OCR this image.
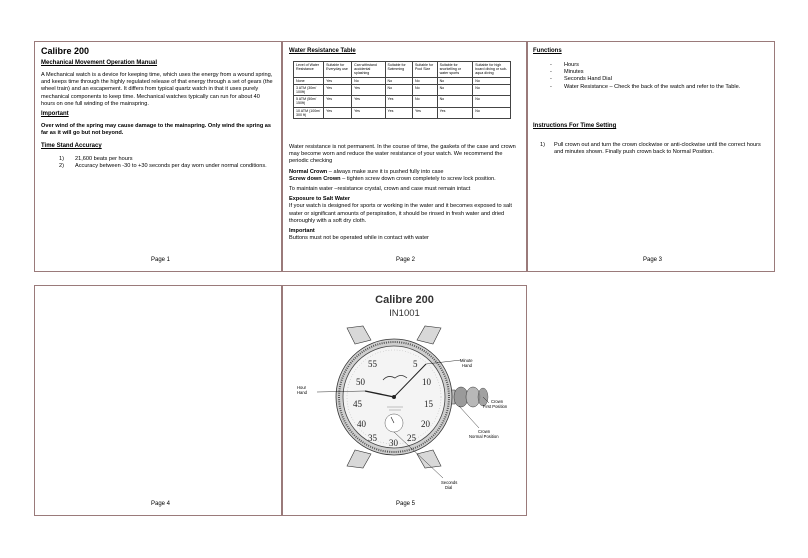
Calibre 200
Mechanical Movement Operation Manual
A Mechanical watch is a device for keeping time, which uses the energy from a wound spring, and keeps time through the highly regulated release of that energy through a set of gears (the wheel train) and an escapement. It differs from typical quartz watch in that it uses purely mechanical components to keep time. Mechanical watches typically can run for about 40 hours on one full winding of the mainspring.
Important
Over wind of the spring may cause damage to the mainspring. Only wind the spring as far as it will go but not beyond.
Time Stand Accuracy
1)	21,600 beats per hours
2)	Accuracy between -30 to +30 seconds per day worn under normal conditions.
Page 1
Water Resistance Table
Level of Water Resistance	Suitable for Everyday use	Can withstand accidental splashing	Suitable for Swimming	Suitable for Pool Size	Suitable for snorkelling or water sports	Suitable for high board diving or sub-aqua diving
None	Yes	No	No	No	No	No
3 ATM (30m/ 100ft)	Yes	Yes	No	No	No	No
5 ATM (50m/ 150ft)	Yes	Yes	Yes	No	No	No
10 ATM (100m/ 300 ft)	Yes	Yes	Yes	Yes	Yes	No

Water resistance is not permanent. In the course of time, the gaskets of the case and crown may become worn and reduce the water resistance of your watch. We recommend the periodic checking

Normal Crown – always make sure it is pushed fully into case
Screw down Crown – tighten screw down crown completely to screw lock position.

To maintain water –resistance crystal, crown and case must remain intact

Exposure to Salt Water
If your watch is designed for sports or working in the water and it becomes exposed to salt water or significant amounts of perspiration, it should be rinsed in fresh water and dried thoroughly with a soft dry cloth.

Important
Buttons must not be operated while in contact with water

Page 2
Functions
-	Hours
-	Minutes
-	Seconds Hand Dial
-	Water Resistance – Check the back of the watch and refer to the Table.
Instructions For Time Setting
1)	Pull crown out and turn the crown clockwise or anti-clockwise until the correct hours and minutes shown. Finally push crown back to Normal Position.
Page 3
Page 4
Calibre 200
IN1001
55
50
45
40
35 30 25
5
10
15
20
Minute
Hand
Hour
Hand
Crown
First Position
Crown
Normal Position
Seconds
Dial
Page 5
